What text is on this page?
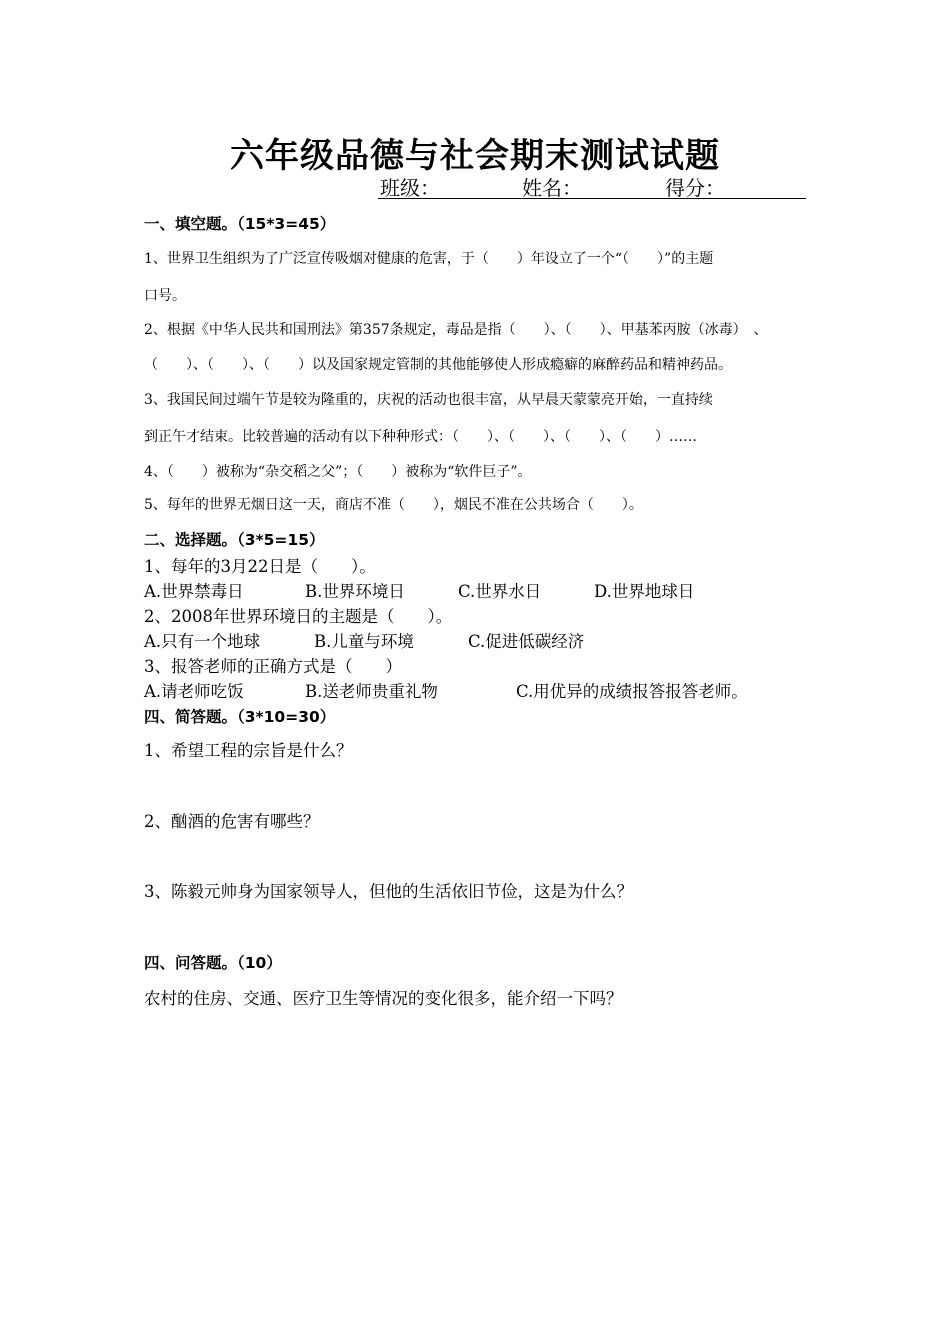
六年级品德与社会期末测试试题
班级：	姓名：	得分：
一、填空题。（15*3=45）
1、世界卫生组织为了广泛宣传吸烟对健康的危害，于（　　）年设立了一个“（　　）”的主题
口号。
2、根据《中华人民共和国刑法》第357条规定，毒品是指（　　）、（　　）、甲基苯丙胺（冰毒）　、
（　　）、（　　）、（　　）以及国家规定管制的其他能够使人形成瘾癖的麻醉药品和精神药品。
3、我国民间过端午节是较为隆重的，庆祝的活动也很丰富，从早晨天蒙蒙亮开始，一直持续
到正午才结束。比较普遍的活动有以下种种形式：（　　）、（　　）、（　　）、（　　）……
4、（　　）被称为“杂交稻之父”；（　　）被称为“软件巨子”。
5、每年的世界无烟日这一天，商店不准（　　），烟民不准在公共场合（　　）。
二、选择题。（3*5=15）
1、每年的3月22日是（　　）。
A.世界禁毒日	B.世界环境日	C.世界水日	D.世界地球日
2、2008年世界环境日的主题是（　　）。
A.只有一个地球	B.儿童与环境	C.促进低碳经济
3、报答老师的正确方式是（　　）
A.请老师吃饭	B.送老师贵重礼物	C.用优异的成绩报答报答老师。
四、简答题。（3*10=30）
1、希望工程的宗旨是什么？
2、酗酒的危害有哪些？
3、陈毅元帅身为国家领导人，但他的生活依旧节俭，这是为什么？
四、问答题。（10）
农村的住房、交通、医疗卫生等情况的变化很多，能介绍一下吗？
